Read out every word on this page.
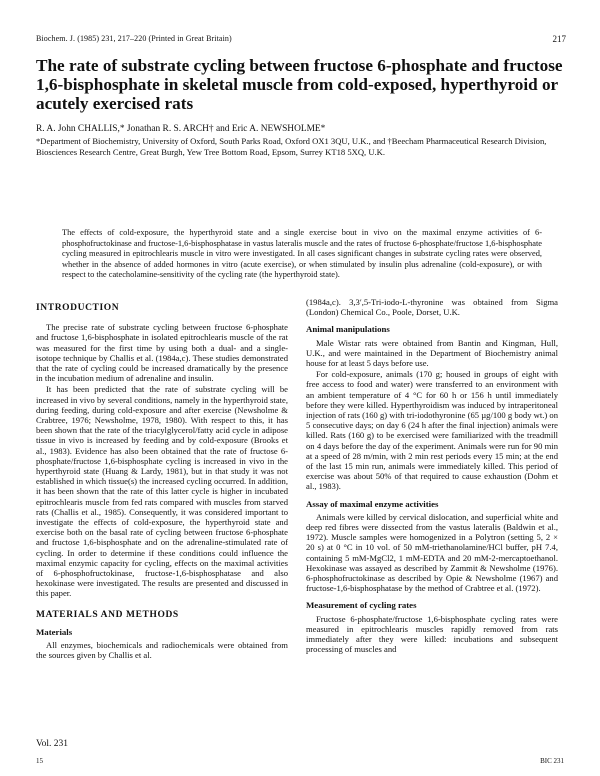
Biochem. J. (1985) 231, 217–220 (Printed in Great Britain)	217
The rate of substrate cycling between fructose 6-phosphate and fructose 1,6-bisphosphate in skeletal muscle from cold-exposed, hyperthyroid or acutely exercised rats
R. A. John CHALLIS,* Jonathan R. S. ARCH† and Eric A. NEWSHOLME*
*Department of Biochemistry, University of Oxford, South Parks Road, Oxford OX1 3QU, U.K., and †Beecham Pharmaceutical Research Division, Biosciences Research Centre, Great Burgh, Yew Tree Bottom Road, Epsom, Surrey KT18 5XQ, U.K.
The effects of cold-exposure, the hyperthyroid state and a single exercise bout in vivo on the maximal enzyme activities of 6-phosphofructokinase and fructose-1,6-bisphosphatase in vastus lateralis muscle and the rates of fructose 6-phosphate/fructose 1,6-bisphosphate cycling measured in epitrochlearis muscle in vitro were investigated. In all cases significant changes in substrate cycling rates were observed, whether in the absence of added hormones in vitro (acute exercise), or when stimulated by insulin plus adrenaline (cold-exposure), or with respect to the catecholamine-sensitivity of the cycling rate (the hyperthyroid state).
INTRODUCTION

The precise rate of substrate cycling between fructose 6-phosphate and fructose 1,6-bisphosphate in isolated epitrochlearis muscle of the rat was measured for the first time by using both a dual- and a single-isotope technique by Challis et al. (1984a,c). These studies demonstrated that the rate of cycling could be increased dramatically by the presence in the incubation medium of adrenaline and insulin.

It has been predicted that the rate of substrate cycling will be increased in vivo by several conditions, namely in the hyperthyroid state, during feeding, during cold-exposure and after exercise (Newsholme & Crabtree, 1976; Newsholme, 1978, 1980). With respect to this, it has been shown that the rate of the triacylglycerol/fatty acid cycle in adipose tissue in vivo is increased by feeding and by cold-exposure (Brooks et al., 1983). Evidence has also been obtained that the rate of fructose 6-phosphate/fructose 1,6-bisphosphate cycling is increased in vivo in the hyperthyroid state (Huang & Lardy, 1981), but in that study it was not established in which tissue(s) the increased cycling occurred. In addition, it has been shown that the rate of this latter cycle is higher in incubated epitrochlearis muscle from fed rats compared with muscles from starved rats (Challis et al., 1985). Consequently, it was considered important to investigate the effects of cold-exposure, the hyperthyroid state and exercise both on the basal rate of cycling between fructose 6-phosphate and fructose 1,6-bisphosphate and on the adrenaline-stimulated rate of cycling. In order to determine if these conditions could influence the maximal enzymic capacity for cycling, effects on the maximal activities of 6-phosphofructokinase, fructose-1,6-bisphosphatase and also hexokinase were investigated. The results are presented and discussed in this paper.

MATERIALS AND METHODS
Materials

All enzymes, biochemicals and radiochemicals were obtained from the sources given by Challis et al.

(1984a,c). 3,3′,5-Tri-iodo-L-thyronine was obtained from Sigma (London) Chemical Co., Poole, Dorset, U.K.

Animal manipulations

Male Wistar rats were obtained from Bantin and Kingman, Hull, U.K., and were maintained in the Department of Biochemistry animal house for at least 5 days before use.

For cold-exposure, animals (170 g; housed in groups of eight with free access to food and water) were transferred to an environment with an ambient temperature of 4 °C for 60 h or 156 h until immediately before they were killed. Hyperthyroidism was induced by intraperitoneal injection of rats (160 g) with tri-iodothyronine (65 µg/100 g body wt.) on 5 consecutive days; on day 6 (24 h after the final injection) animals were killed. Rats (160 g) to be exercised were familiarized with the treadmill on 4 days before the day of the experiment. Animals were run for 90 min at a speed of 28 m/min, with 2 min rest periods every 15 min; at the end of the last 15 min run, animals were immediately killed. This period of exercise was about 50% of that required to cause exhaustion (Dohm et al., 1983).

Assay of maximal enzyme activities

Animals were killed by cervical dislocation, and superficial white and deep red fibres were dissected from the vastus lateralis (Baldwin et al., 1972). Muscle samples were homogenized in a Polytron (setting 5, 2 × 20 s) at 0 °C in 10 vol. of 50 mM-triethanolamine/HCl buffer, pH 7.4, containing 5 mM-MgCl2, 1 mM-EDTA and 20 mM-2-mercaptoethanol. Hexokinase was assayed as described by Zammit & Newsholme (1976). 6-phosphofructokinase as described by Opie & Newsholme (1967) and fructose-1,6-bisphosphatase by the method of Crabtree et al. (1972).

Measurement of cycling rates

Fructose 6-phosphate/fructose 1,6-bisphosphate cycling rates were measured in epitrochlearis muscles rapidly removed from rats immediately after they were killed: incubations and subsequent processing of muscles and

Vol. 231
15	BIC 231
